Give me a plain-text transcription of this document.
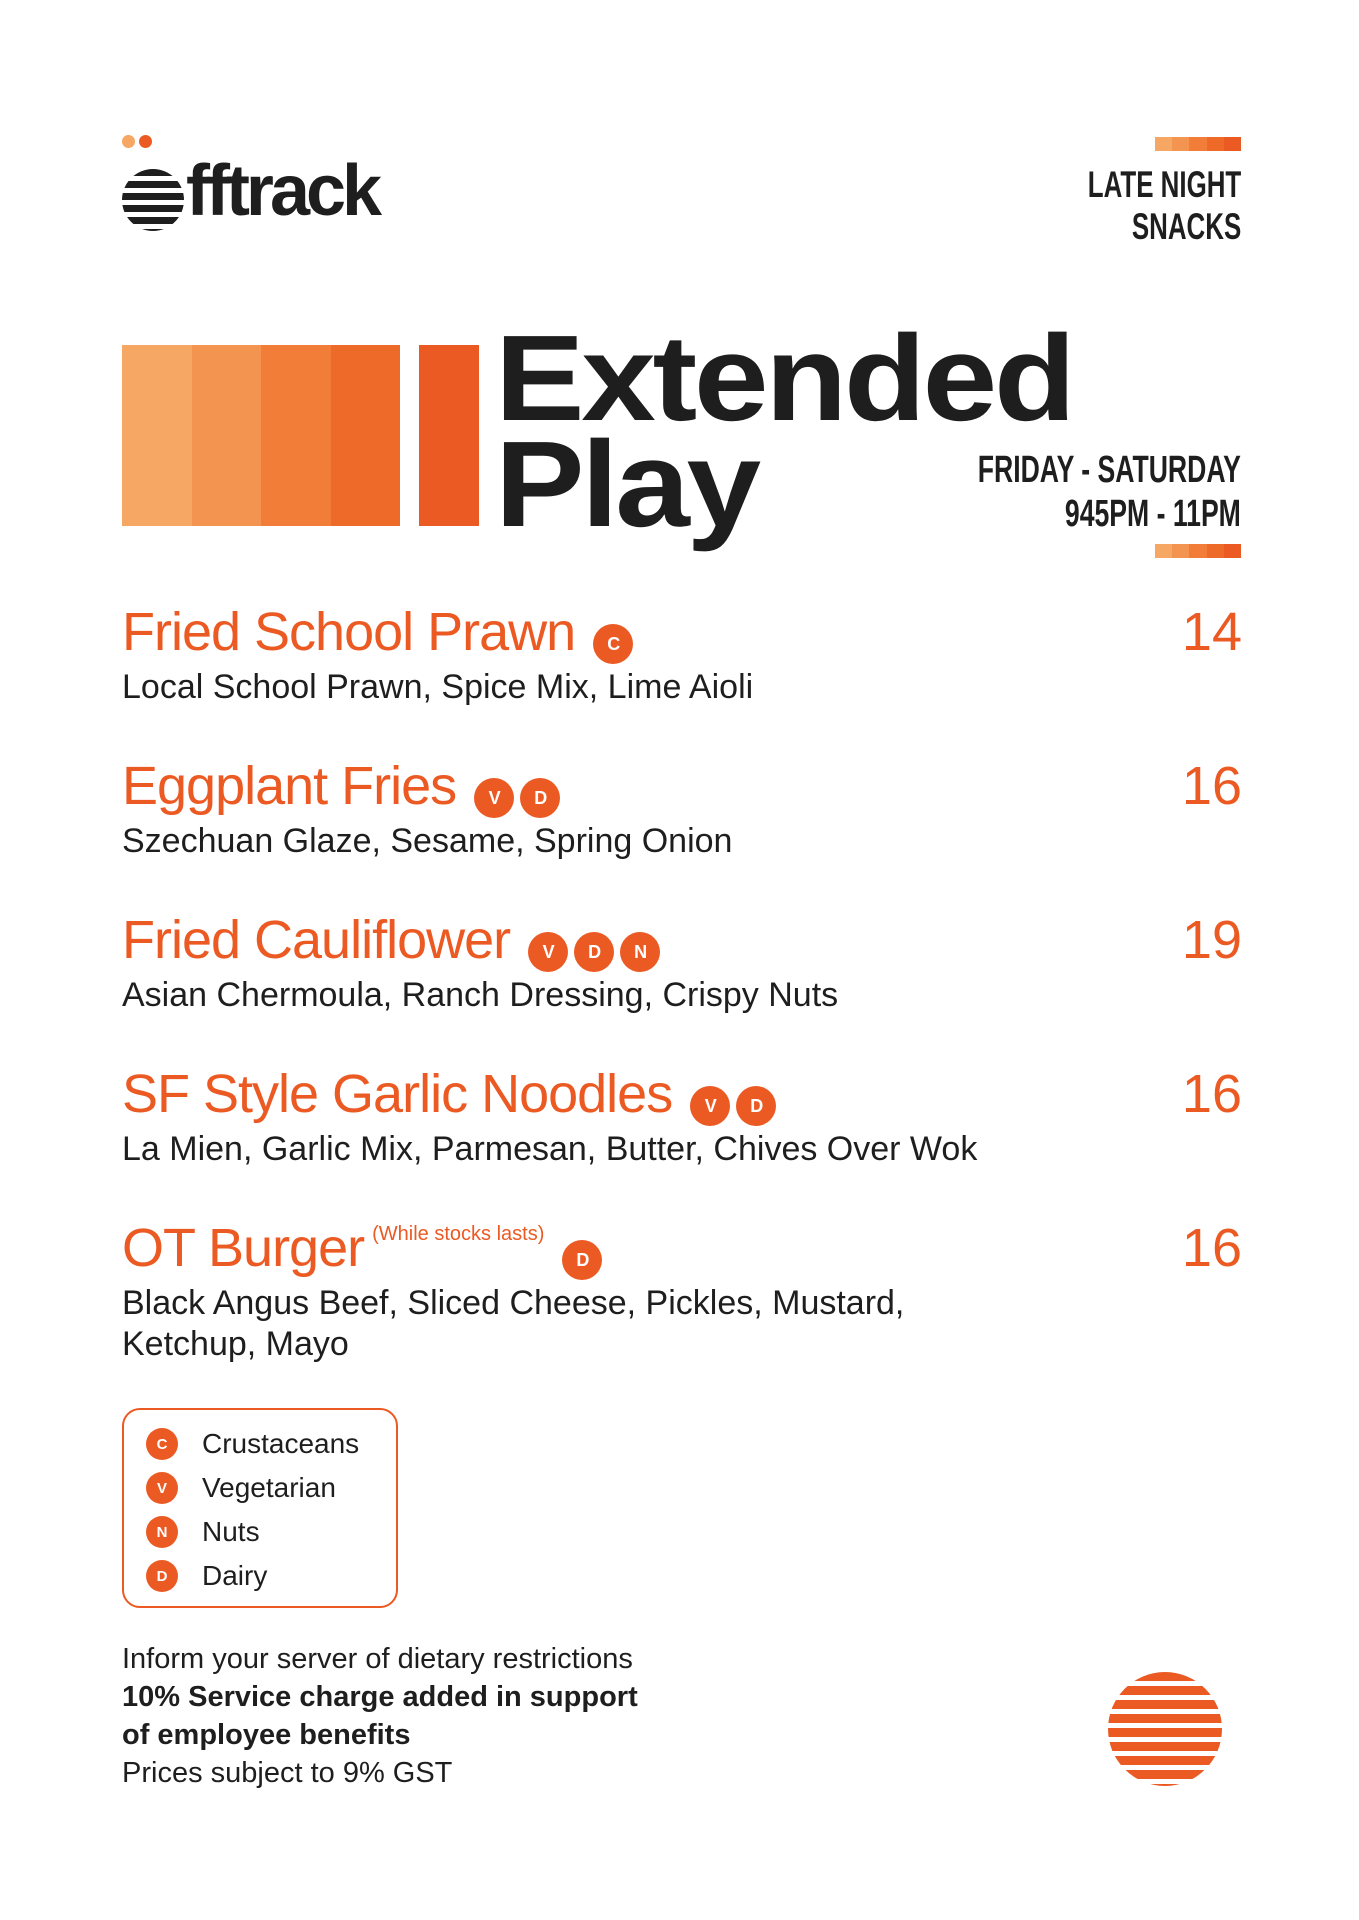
fftrack	LATE NIGHT
SNACKS
Extended
Play	FRIDAY - SATURDAY
945PM - 11PM
Fried School Prawn C
Local School Prawn, Spice Mix, Lime Aioli
14
Eggplant Fries V D
Szechuan Glaze, Sesame, Spring Onion
16
Fried Cauliflower V D N
Asian Chermoula, Ranch Dressing, Crispy Nuts
19
SF Style Garlic Noodles V D
La Mien, Garlic Mix, Parmesan, Butter, Chives Over Wok
16
OT Burger $^{(While stocks lasts)}$D
Black Angus Beef, Sliced Cheese, Pickles, Mustard,
Ketchup, Mayo
16
C	Crustaceans
V	Vegetarian
N	Nuts
D	Dairy
Inform your server of dietary restrictions
10% Service charge added in support
of employee benefits
Prices subject to 9% GST
